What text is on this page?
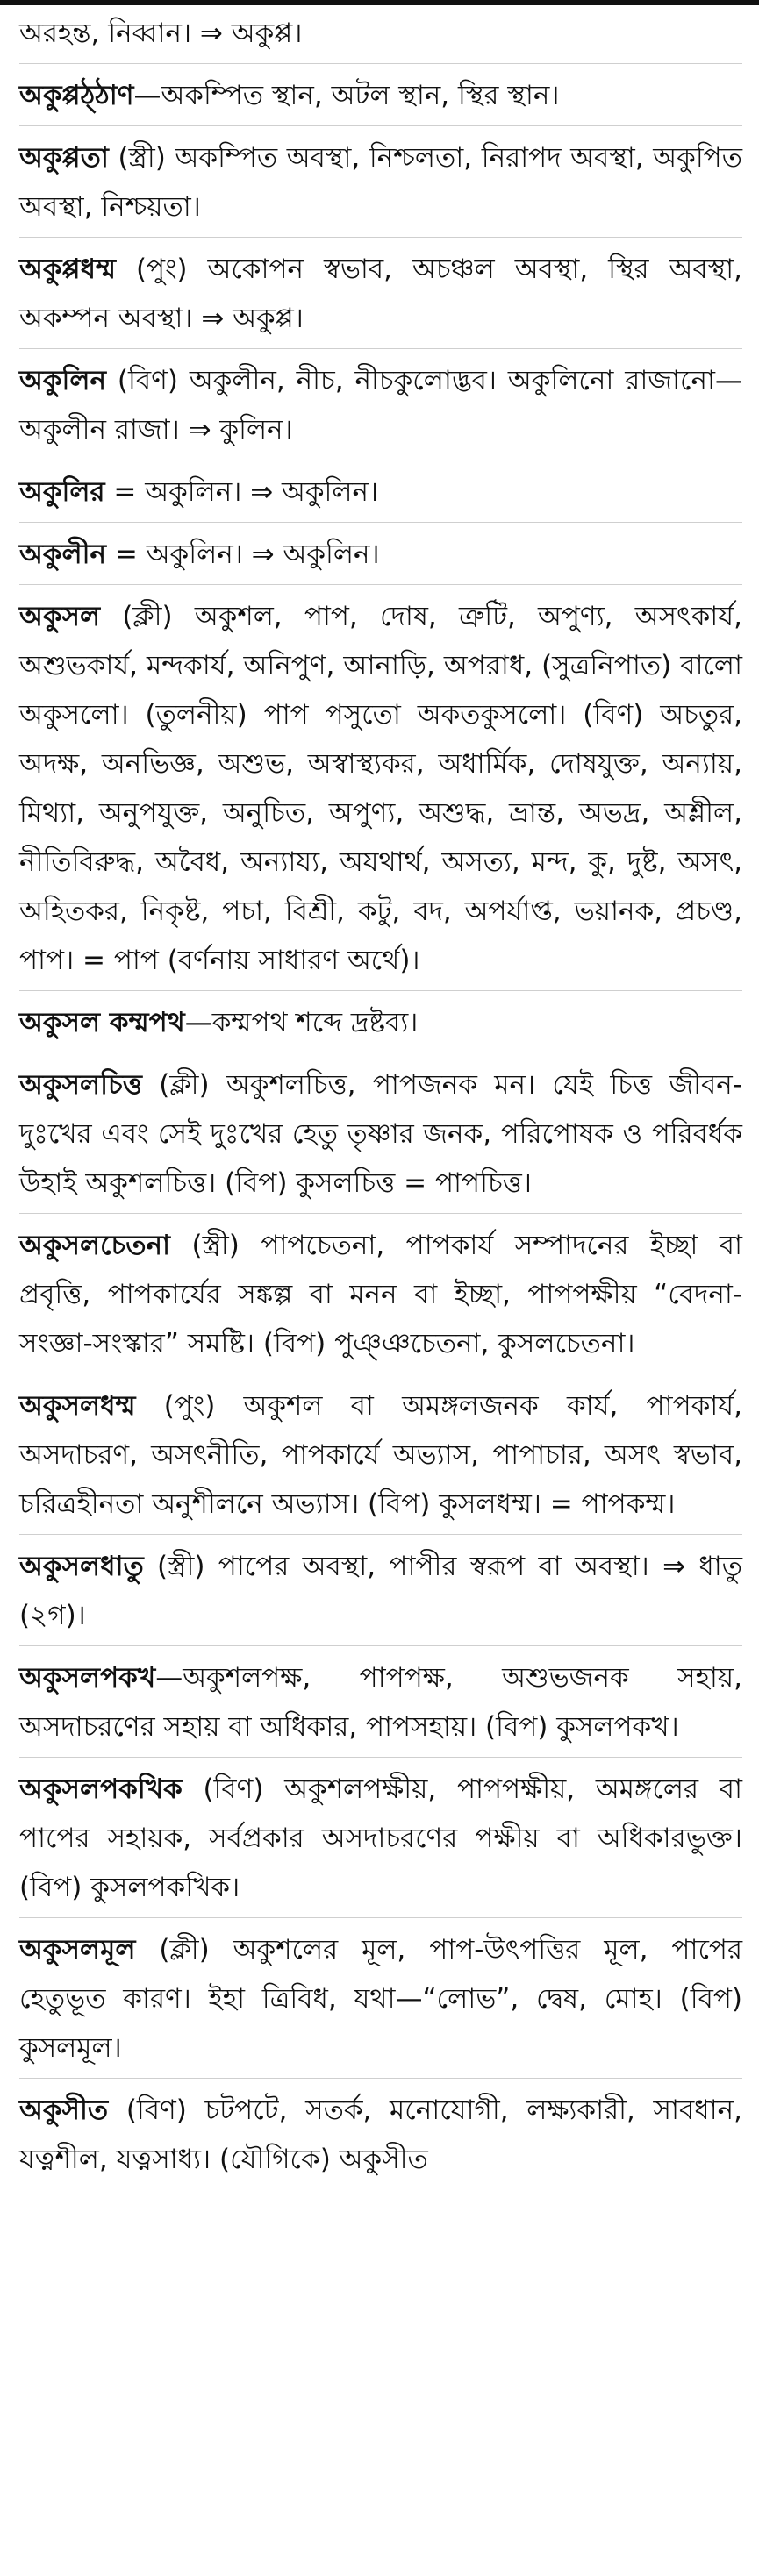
অরহন্ত, নিব্বান। ⇒ অকুপ্প।
অকুপ্পঠ্ঠাণ—অকম্পিত স্থান, অটল স্থান, স্থির স্থান।
অকুপ্পতা (স্ত্রী) অকম্পিত অবস্থা, নিশ্চলতা, নিরাপদ অবস্থা, অকুপিত অবস্থা, নিশ্চয়তা।
অকুপ্পধম্ম (পুং) অকোপন স্বভাব, অচঞ্চল অবস্থা, স্থির অবস্থা, অকম্পন অবস্থা। ⇒ অকুপ্প।
অকুলিন (বিণ) অকুলীন, নীচ, নীচকুলোদ্ভব। অকুলিনো রাজানো—অকুলীন রাজা। ⇒ কুলিন।
অকুলির = অকুলিন। ⇒ অকুলিন।
অকুলীন = অকুলিন। ⇒ অকুলিন।
অকুসল (ক্লী) অকুশল, পাপ, দোষ, ত্রুটি, অপুণ্য, অসৎকার্য, অশুভকার্য, মন্দকার্য, অনিপুণ, আনাড়ি, অপরাধ, (সুত্রনিপাত) বালো অকুসলো। (তুলনীয়) পাপ পসুতো অকতকুসলো। (বিণ) অচতুর, অদক্ষ, অনভিজ্ঞ, অশুভ, অস্বাস্থ্যকর, অধার্মিক, দোষযুক্ত, অন্যায়, মিথ্যা, অনুপযুক্ত, অনুচিত, অপুণ্য, অশুদ্ধ, ভ্রান্ত, অভদ্র, অশ্লীল, নীতিবিরুদ্ধ, অবৈধ, অন্যায্য, অযথার্থ, অসত্য, মন্দ, কু, দুষ্ট, অসৎ, অহিতকর, নিকৃষ্ট, পচা, বিশ্রী, কটু, বদ, অপর্যাপ্ত, ভয়ানক, প্রচণ্ড, পাপ। = পাপ (বর্ণনায় সাধারণ অর্থে)।
অকুসল কম্মপথ—কম্মপথ শব্দে দ্রষ্টব্য।
অকুসলচিত্ত (ক্লী) অকুশলচিত্ত, পাপজনক মন। যেই চিত্ত জীবন-দুঃখের এবং সেই দুঃখের হেতু তৃষ্ণার জনক, পরিপোষক ও পরিবর্ধক উহাই অকুশলচিত্ত। (বিপ) কুসলচিত্ত = পাপচিত্ত।
অকুসলচেতনা (স্ত্রী) পাপচেতনা, পাপকার্য সম্পাদনের ইচ্ছা বা প্রবৃত্তি, পাপকার্যের সঙ্কল্প বা মনন বা ইচ্ছা, পাপপক্ষীয় “বেদনা-সংজ্ঞা-সংস্কার” সমষ্টি। (বিপ) পুঞ্ঞচেতনা, কুসলচেতনা।
অকুসলধম্ম (পুং) অকুশল বা অমঙ্গলজনক কার্য, পাপকার্য, অসদাচরণ, অসৎনীতি, পাপকার্যে অভ্যাস, পাপাচার, অসৎ স্বভাব, চরিত্রহীনতা অনুশীলনে অভ্যাস। (বিপ) কুসলধম্ম। = পাপকম্ম।
অকুসলধাতু (স্ত্রী) পাপের অবস্থা, পাপীর স্বরূপ বা অবস্থা। ⇒ ধাতু (২গ)।
অকুসলপকখ—অকুশলপক্ষ, পাপপক্ষ, অশুভজনক সহায়, অসদাচরণের সহায় বা অধিকার, পাপসহায়। (বিপ) কুসলপকখ।
অকুসলপকখিক (বিণ) অকুশলপক্ষীয়, পাপপক্ষীয়, অমঙ্গলের বা পাপের সহায়ক, সর্বপ্রকার অসদাচরণের পক্ষীয় বা অধিকারভুক্ত। (বিপ) কুসলপকখিক।
অকুসলমূল (ক্লী) অকুশলের মূল, পাপ-উৎপত্তির মূল, পাপের হেতুভূত কারণ। ইহা ত্রিবিধ, যথা—“লোভ”, দ্বেষ, মোহ। (বিপ) কুসলমূল।
অকুসীত (বিণ) চটপটে, সতর্ক, মনোযোগী, লক্ষ্যকারী, সাবধান, যত্নশীল, যত্নসাধ্য। (যৌগিকে) অকুসীত
